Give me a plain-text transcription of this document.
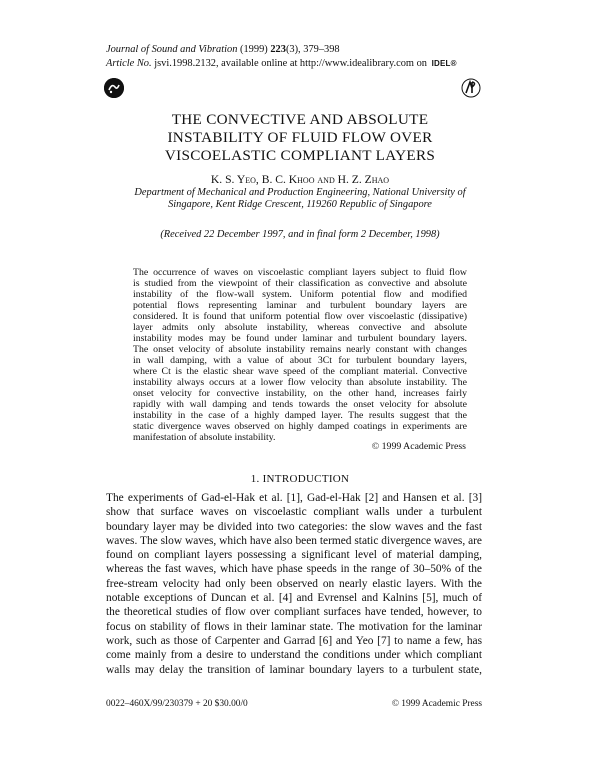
Journal of Sound and Vibration (1999) 223(3), 379–398
Article No. jsvi.1998.2132, available online at http://www.idealibrary.com on IDEL®
THE CONVECTIVE AND ABSOLUTE
INSTABILITY OF FLUID FLOW OVER
VISCOELASTIC COMPLIANT LAYERS
K. S. Yeo, B. C. Khoo and H. Z. Zhao
Department of Mechanical and Production Engineering, National University of
Singapore, Kent Ridge Crescent, 119260 Republic of Singapore
(Received 22 December 1997, and in final form 2 December, 1998)
The occurrence of waves on viscoelastic compliant layers subject to fluid flow
is studied from the viewpoint of their classification as convective and absolute
instability of the flow-wall system. Uniform potential flow and modified
potential flows representing laminar and turbulent boundary layers are
considered. It is found that uniform potential flow over viscoelastic (dissipative)
layer admits only absolute instability, whereas convective and absolute
instability modes may be found under laminar and turbulent boundary layers.
The onset velocity of absolute instability remains nearly constant with changes
in wall damping, with a value of about 3Ct for turbulent boundary layers,
where Ct is the elastic shear wave speed of the compliant material. Convective
instability always occurs at a lower flow velocity than absolute instability. The
onset velocity for convective instability, on the other hand, increases fairly
rapidly with wall damping and tends towards the onset velocity for absolute
instability in the case of a highly damped layer. The results suggest that the
static divergence waves observed on highly damped coatings in experiments are
manifestation of absolute instability.
© 1999 Academic Press
1. INTRODUCTION
The experiments of Gad-el-Hak et al. [1], Gad-el-Hak [2] and Hansen et al. [3]
show that surface waves on viscoelastic compliant walls under a turbulent
boundary layer may be divided into two categories: the slow waves and the fast
waves. The slow waves, which have also been termed static divergence waves, are
found on compliant layers possessing a significant level of material damping,
whereas the fast waves, which have phase speeds in the range of 30–50% of the
free-stream velocity had only been observed on nearly elastic layers. With the
notable exceptions of Duncan et al. [4] and Evrensel and Kalnins [5], much of
the theoretical studies of flow over compliant surfaces have tended, however, to
focus on stability of flows in their laminar state. The motivation for the laminar
work, such as those of Carpenter and Garrad [6] and Yeo [7] to name a few, has
come mainly from a desire to understand the conditions under which compliant
walls may delay the transition of laminar boundary layers to a turbulent state,
0022–460X/99/230379 + 20 $30.00/0	© 1999 Academic Press
